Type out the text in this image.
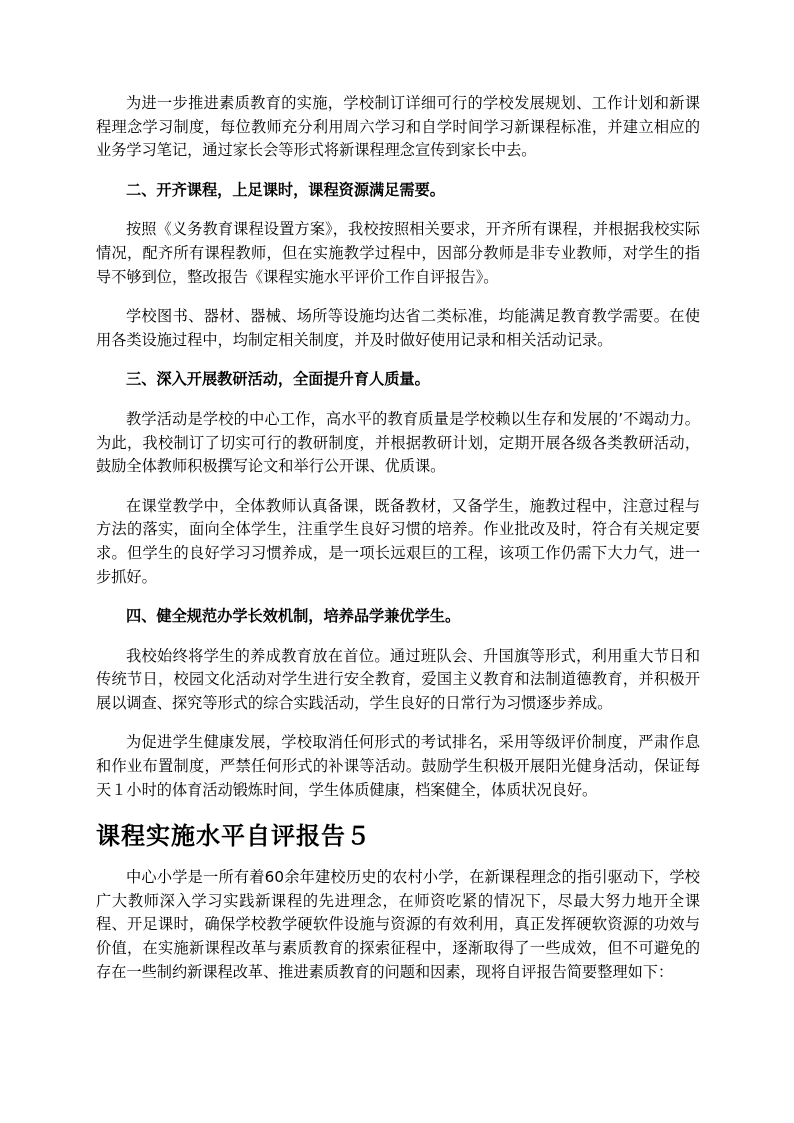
为进一步推进素质教育的实施，学校制订详细可行的学校发展规划、工作计划和新课程理念学习制度，每位教师充分利用周六学习和自学时间学习新课程标准，并建立相应的业务学习笔记，通过家长会等形式将新课程理念宣传到家长中去。

二、开齐课程，上足课时，课程资源满足需要。

按照《义务教育课程设置方案》，我校按照相关要求，开齐所有课程，并根据我校实际情况，配齐所有课程教师，但在实施教学过程中，因部分教师是非专业教师，对学生的指导不够到位，整改报告《课程实施水平评价工作自评报告》。

学校图书、器材、器械、场所等设施均达省二类标准，均能满足教育教学需要。在使用各类设施过程中，均制定相关制度，并及时做好使用记录和相关活动记录。

三、深入开展教研活动，全面提升育人质量。

教学活动是学校的中心工作，高水平的教育质量是学校赖以生存和发展的’不竭动力。为此，我校制订了切实可行的教研制度，并根据教研计划，定期开展各级各类教研活动，鼓励全体教师积极撰写论文和举行公开课、优质课。

在课堂教学中，全体教师认真备课，既备教材，又备学生，施教过程中，注意过程与方法的落实，面向全体学生，注重学生良好习惯的培养。作业批改及时，符合有关规定要求。但学生的良好学习习惯养成，是一项长远艰巨的工程，该项工作仍需下大力气，进一步抓好。

四、健全规范办学长效机制，培养品学兼优学生。

我校始终将学生的养成教育放在首位。通过班队会、升国旗等形式，利用重大节日和传统节日，校园文化活动对学生进行安全教育，爱国主义教育和法制道德教育，并积极开展以调查、探究等形式的综合实践活动，学生良好的日常行为习惯逐步养成。

为促进学生健康发展，学校取消任何形式的考试排名，采用等级评价制度，严肃作息和作业布置制度，严禁任何形式的补课等活动。鼓励学生积极开展阳光健身活动，保证每天１小时的体育活动锻炼时间，学生体质健康，档案健全，体质状况良好。

课程实施水平自评报告５

中心小学是一所有着60余年建校历史的农村小学，在新课程理念的指引驱动下，学校广大教师深入学习实践新课程的先进理念，在师资吃紧的情况下，尽最大努力地开全课程、开足课时，确保学校教学硬软件设施与资源的有效利用，真正发挥硬软资源的功效与价值，在实施新课程改革与素质教育的探索征程中，逐渐取得了一些成效，但不可避免的存在一些制约新课程改革、推进素质教育的问题和因素，现将自评报告简要整理如下：
